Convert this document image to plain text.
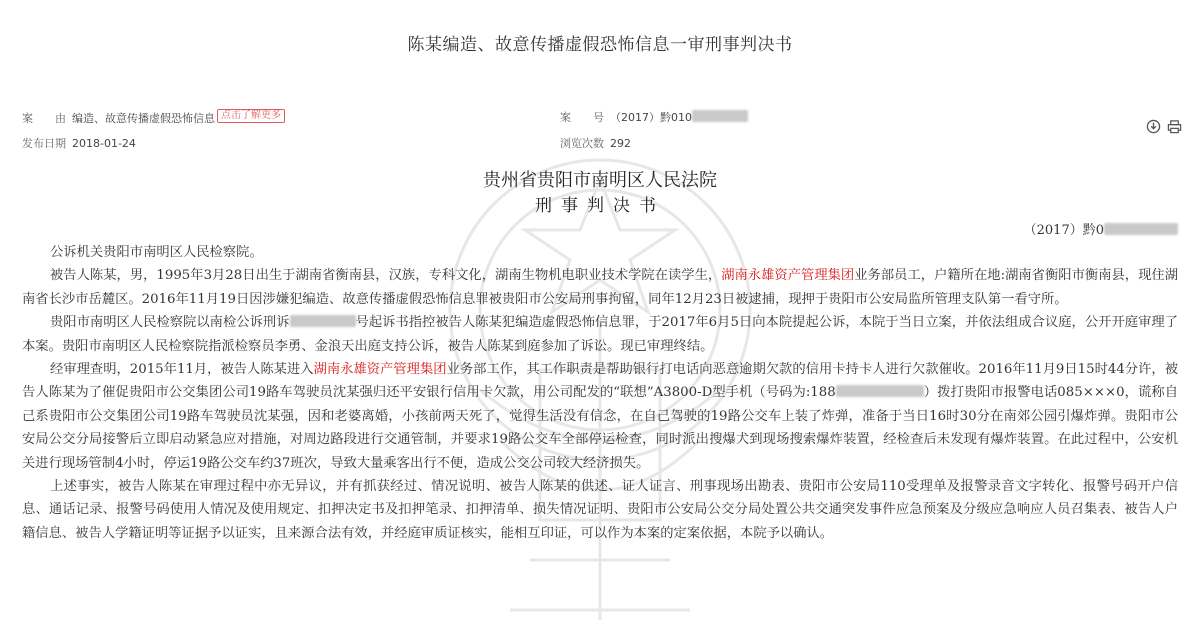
陈某编造、故意传播虚假恐怖信息一审刑事判决书
案　　由 编造、故意传播虚假恐怖信息 点击了解更多	案　　号 （2017）黔010
发布日期 2018-01-24	浏览次数 292
贵州省贵阳市南明区人民法院
刑事判决书
（2017）黔0

公诉机关贵阳市南明区人民检察院。

被告人陈某，男，1995年3月28日出生于湖南省衡南县，汉族，专科文化，湖南生物机电职业技术学院在读学生，湖南永雄资产管理集团业务部员工，户籍所在地:湖南省衡阳市衡南县，现住湖南省长沙市岳麓区。2016年11月19日因涉嫌犯编造、故意传播虚假恐怖信息罪被贵阳市公安局刑事拘留，同年12月23日被逮捕，现押于贵阳市公安局监所管理支队第一看守所。

贵阳市南明区人民检察院以南检公诉刑诉	号起诉书指控被告人陈某犯编造虚假恐怖信息罪，于2017年6月5日向本院提起公诉，本院于当日立案，并依法组成合议庭，公开开庭审理了本案。贵阳市南明区人民检察院指派检察员李勇、金浪天出庭支持公诉，被告人陈某到庭参加了诉讼。现已审理终结。

经审理查明，2015年11月，被告人陈某进入湖南永雄资产管理集团业务部工作，其工作职责是帮助银行打电话向恶意逾期欠款的信用卡持卡人进行欠款催收。2016年11月9日15时44分许，被告人陈某为了催促贵阳市公交集团公司19路车驾驶员沈某强归还平安银行信用卡欠款，用公司配发的“联想”A3800-D型手机（号码为:188	）拨打贵阳市报警电话085×××0，谎称自己系贵阳市公交集团公司19路车驾驶员沈某强，因和老婆离婚，小孩前两天死了，觉得生活没有信念，在自己驾驶的19路公交车上装了炸弹，准备于当日16时30分在南郊公园引爆炸弹。贵阳市公安局公交分局接警后立即启动紧急应对措施，对周边路段进行交通管制，并要求19路公交车全部停运检查，同时派出搜爆犬到现场搜索爆炸装置，经检查后未发现有爆炸装置。在此过程中，公安机关进行现场管制4小时，停运19路公交车约37班次，导致大量乘客出行不便，造成公交公司较大经济损失。

上述事实，被告人陈某在审理过程中亦无异议，并有抓获经过、情况说明、被告人陈某的供述、证人证言、刑事现场出勘表、贵阳市公安局110受理单及报警录音文字转化、报警号码开户信息、通话记录、报警号码使用人情况及使用规定、扣押决定书及扣押笔录、扣押清单、损失情况证明、贵阳市公安局公交分局处置公共交通突发事件应急预案及分级应急响应人员召集表、被告人户籍信息、被告人学籍证明等证据予以证实，且来源合法有效，并经庭审质证核实，能相互印证，可以作为本案的定案依据，本院予以确认。
